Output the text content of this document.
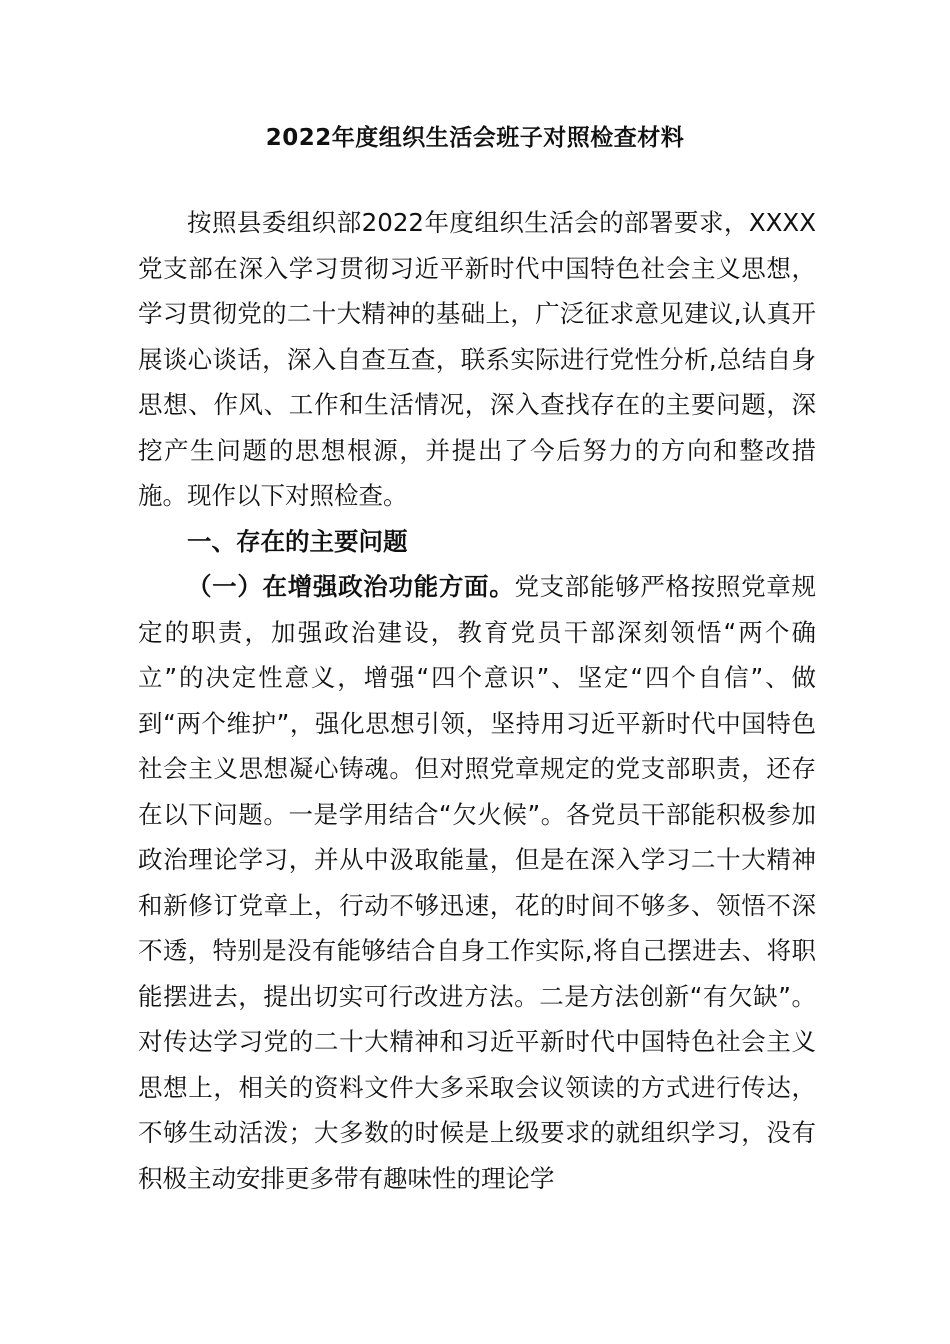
2022年度组织生活会班子对照检查材料

按照县委组织部2022年度组织生活会的部署要求，XXXX党支部在深入学习贯彻习近平新时代中国特色社会主义思想，学习贯彻党的二十大精神的基础上，广泛征求意见建议,认真开展谈心谈话，深入自查互查，联系实际进行党性分析,总结自身思想、作风、工作和生活情况，深入查找存在的主要问题，深挖产生问题的思想根源，并提出了今后努力的方向和整改措施。现作以下对照检查。

一、存在的主要问题

（一）在增强政治功能方面。党支部能够严格按照党章规定的职责，加强政治建设，教育党员干部深刻领悟“两个确立”的决定性意义，增强“四个意识”、坚定“四个自信”、做到“两个维护”，强化思想引领，坚持用习近平新时代中国特色社会主义思想凝心铸魂。但对照党章规定的党支部职责，还存在以下问题。一是学用结合“欠火候”。各党员干部能积极参加政治理论学习，并从中汲取能量，但是在深入学习二十大精神和新修订党章上，行动不够迅速，花的时间不够多、领悟不深不透，特别是没有能够结合自身工作实际,将自己摆进去、将职能摆进去，提出切实可行改进方法。二是方法创新“有欠缺”。对传达学习党的二十大精神和习近平新时代中国特色社会主义思想上，相关的资料文件大多采取会议领读的方式进行传达，不够生动活泼；大多数的时候是上级要求的就组织学习，没有积极主动安排更多带有趣味性的理论学
